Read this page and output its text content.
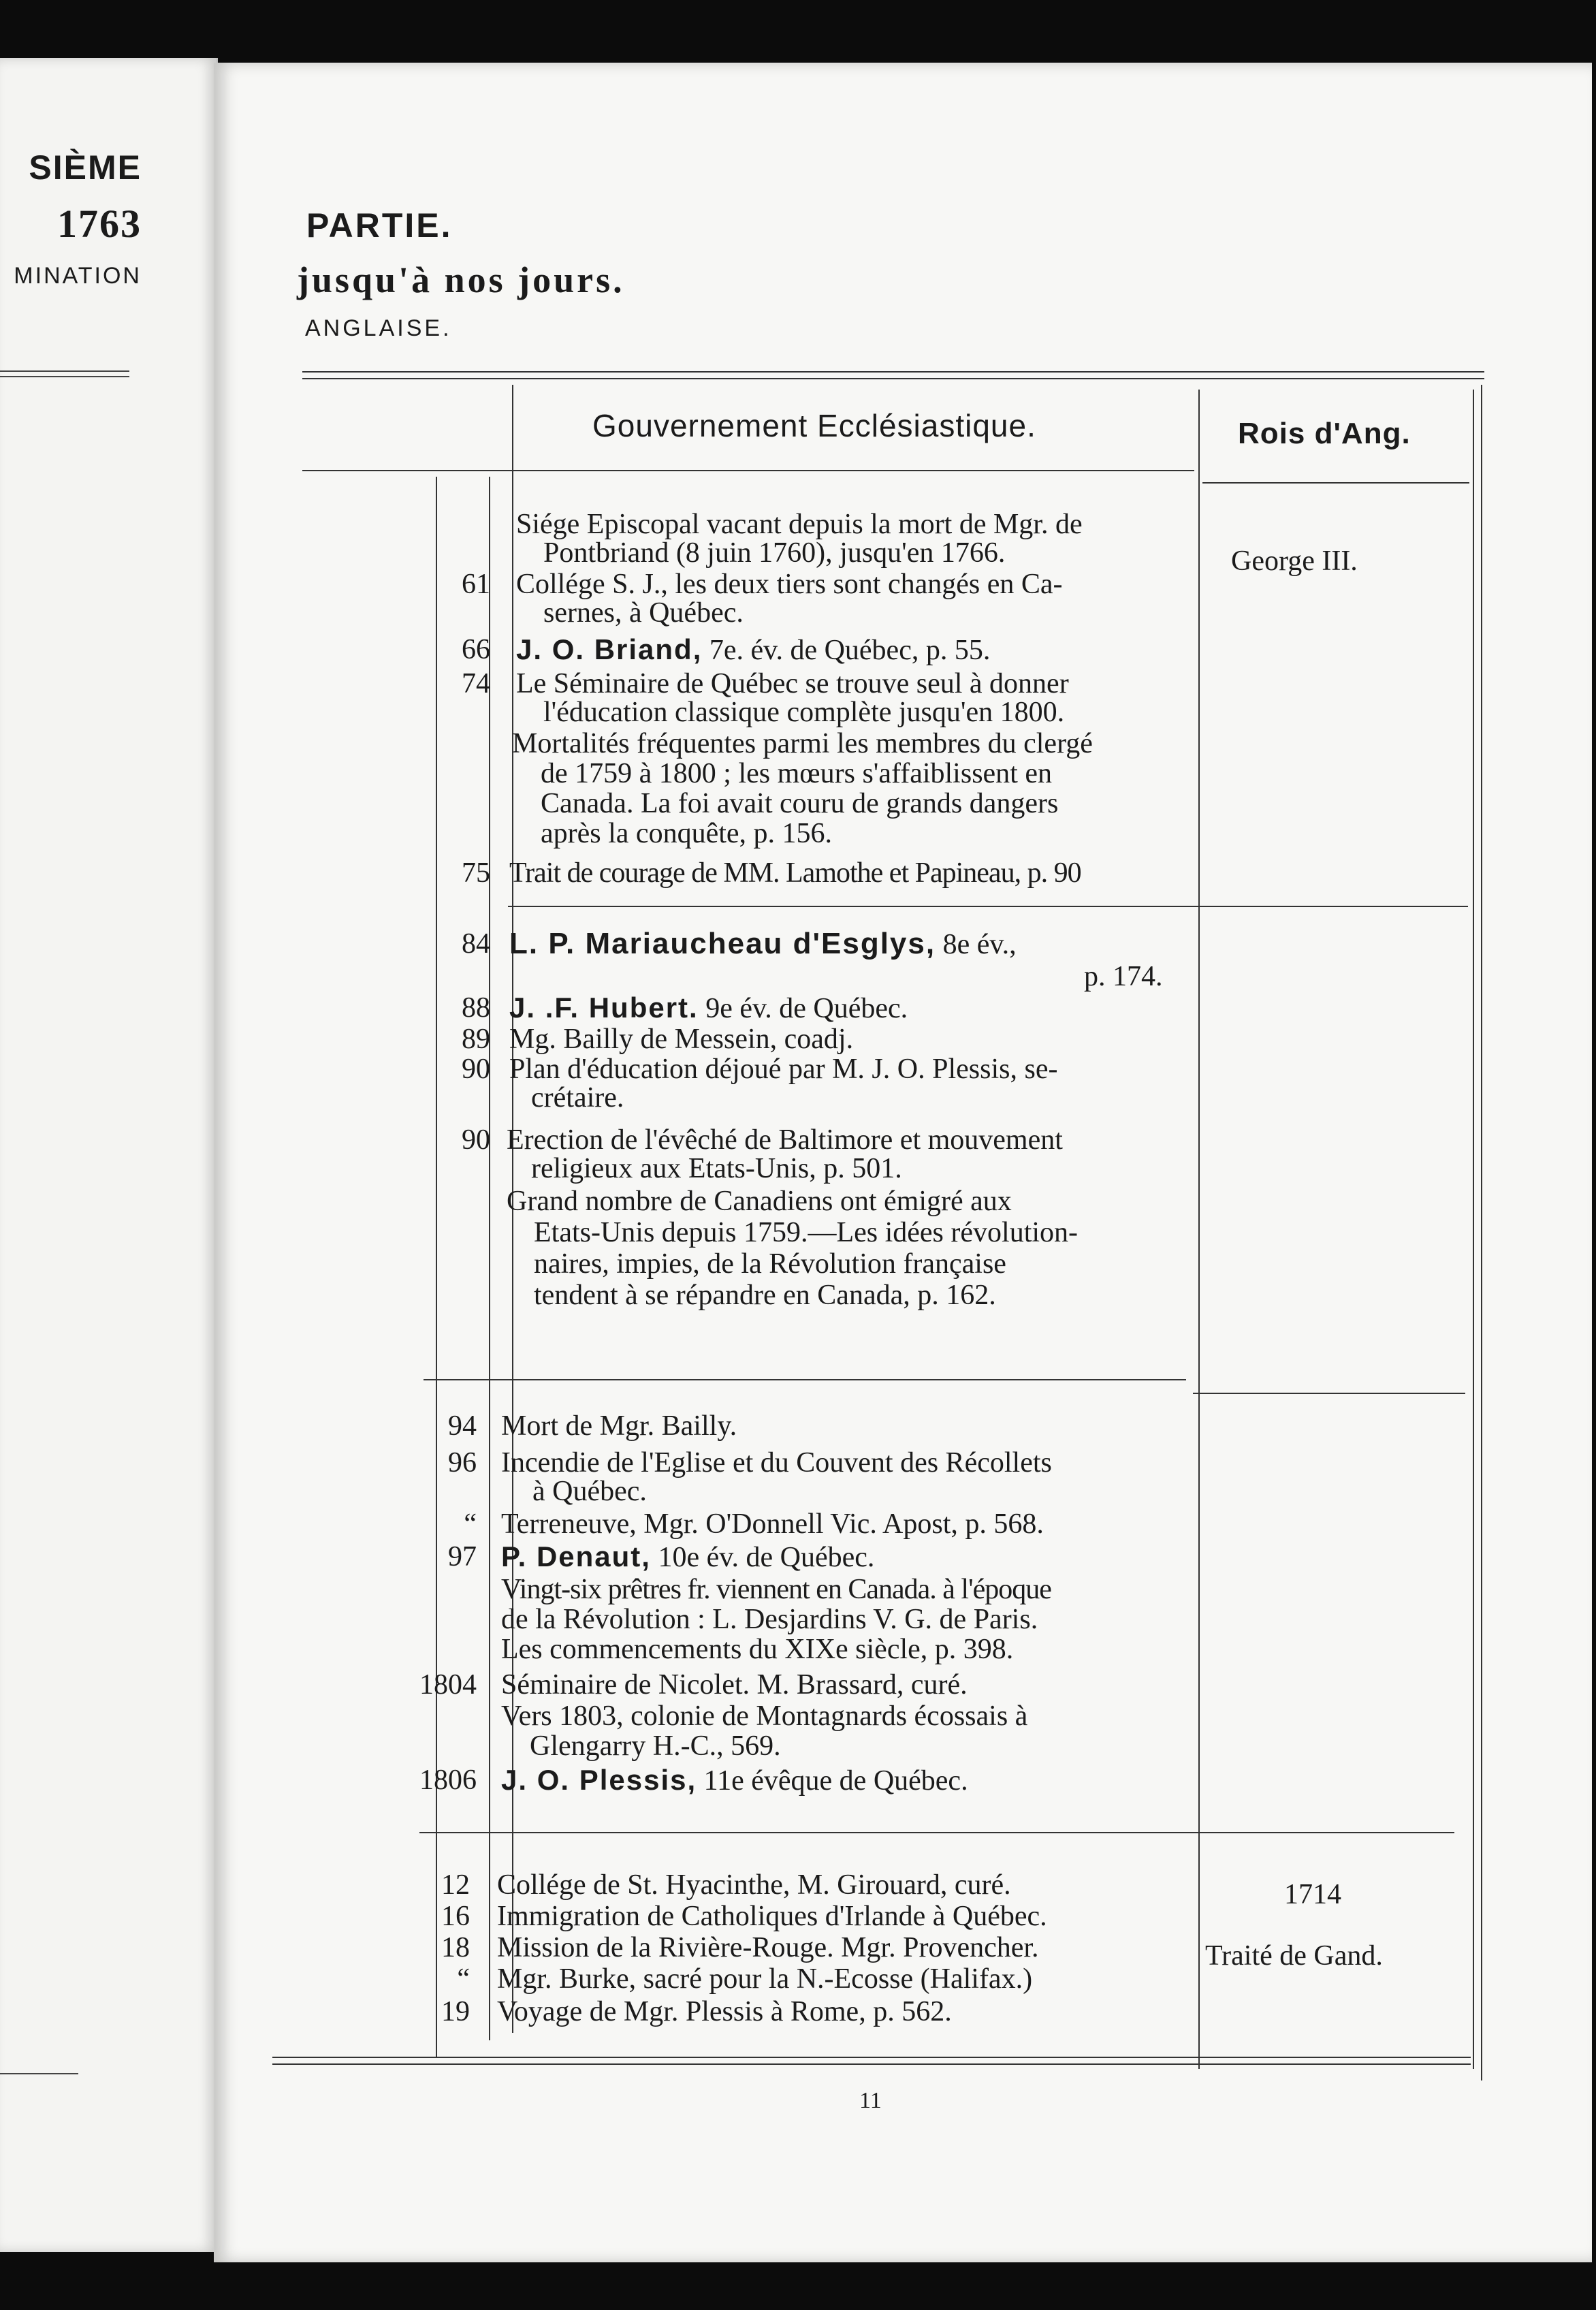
SIÈME
1763
MINATION
PARTIE.
jusqu'à nos jours.
ANGLAISE.
Gouvernement Ecclésiastique.	Rois d'Ang.
George III.
1714
Traité de Gand.
Siége Episcopal vacant depuis la mort de Mgr. de
Pontbriand (8 juin 1760), jusqu'en 1766.
61 Collége S. J., les deux tiers sont changés en Ca-
sernes, à Québec.
66 J. O. Briand, 7e. év. de Québec, p. 55.
74 Le Séminaire de Québec se trouve seul à donner
l'éducation classique complète jusqu'en 1800.
Mortalités fréquentes parmi les membres du clergé
de 1759 à 1800 ; les mœurs s'affaiblissent en
Canada. La foi avait couru de grands dangers
après la conquête, p. 156.
75 Trait de courage de MM. Lamothe et Papineau, p. 90
84 L. P. Mariaucheau d'Esglys, 8e év.,
p. 174.
88 J. .F. Hubert. 9e év. de Québec.
89 Mg. Bailly de Messein, coadj.
90 Plan d'éducation déjoué par M. J. O. Plessis, se-
crétaire.
90 Erection de l'évêché de Baltimore et mouvement
religieux aux Etats-Unis, p. 501.
Grand nombre de Canadiens ont émigré aux
Etats-Unis depuis 1759.—Les idées révolution-
naires, impies, de la Révolution française
tendent à se répandre en Canada, p. 162.
94 Mort de Mgr. Bailly.
96 Incendie de l'Eglise et du Couvent des Récollets
à Québec.
“ Terreneuve, Mgr. O'Donnell Vic. Apost, p. 568.
97 P. Denaut, 10e év. de Québec.
Vingt-six prêtres fr. viennent en Canada. à l'époque
de la Révolution : L. Desjardins V. G. de Paris.
Les commencements du XIXe siècle, p. 398.
1804 Séminaire de Nicolet. M. Brassard, curé.
Vers 1803, colonie de Montagnards écossais à
Glengarry H.-C., 569.
1806 J. O. Plessis, 11e évêque de Québec.
12 Collége de St. Hyacinthe, M. Girouard, curé.
16 Immigration de Catholiques d'Irlande à Québec.
18 Mission de la Rivière-Rouge. Mgr. Provencher.
“ Mgr. Burke, sacré pour la N.-Ecosse (Halifax.)
19 Voyage de Mgr. Plessis à Rome, p. 562.
11
